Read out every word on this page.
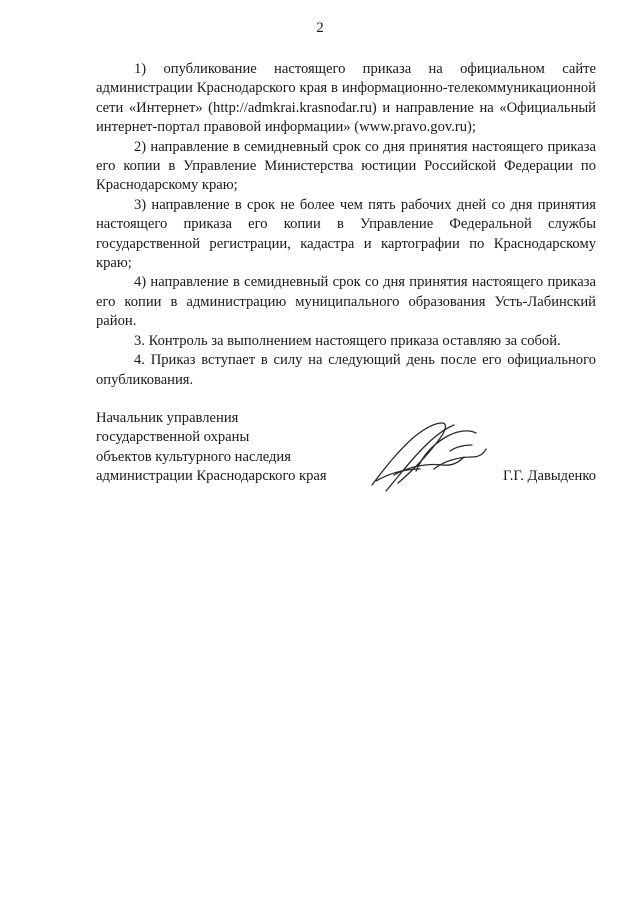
2

1) опубликование настоящего приказа на официальном сайте администрации Краснодарского края в информационно-телекоммуникационной сети «Интернет» (http://admkrai.krasnodar.ru) и направление на «Официальный интернет-портал правовой информации» (www.pravo.gov.ru);

2) направление в семидневный срок со дня принятия настоящего приказа его копии в Управление Министерства юстиции Российской Федерации по Краснодарскому краю;

3) направление в срок не более чем пять рабочих дней со дня принятия настоящего приказа его копии в Управление Федеральной службы государственной регистрации, кадастра и картографии по Краснодарскому краю;

4) направление в семидневный срок со дня принятия настоящего приказа его копии в администрацию муниципального образования Усть-Лабинский район.

3. Контроль за выполнением настоящего приказа оставляю за собой.

4. Приказ вступает в силу на следующий день после его официального опубликования.

Начальник управления
государственной охраны
объектов культурного наследия
администрации Краснодарского края	Г.Г. Давыденко
